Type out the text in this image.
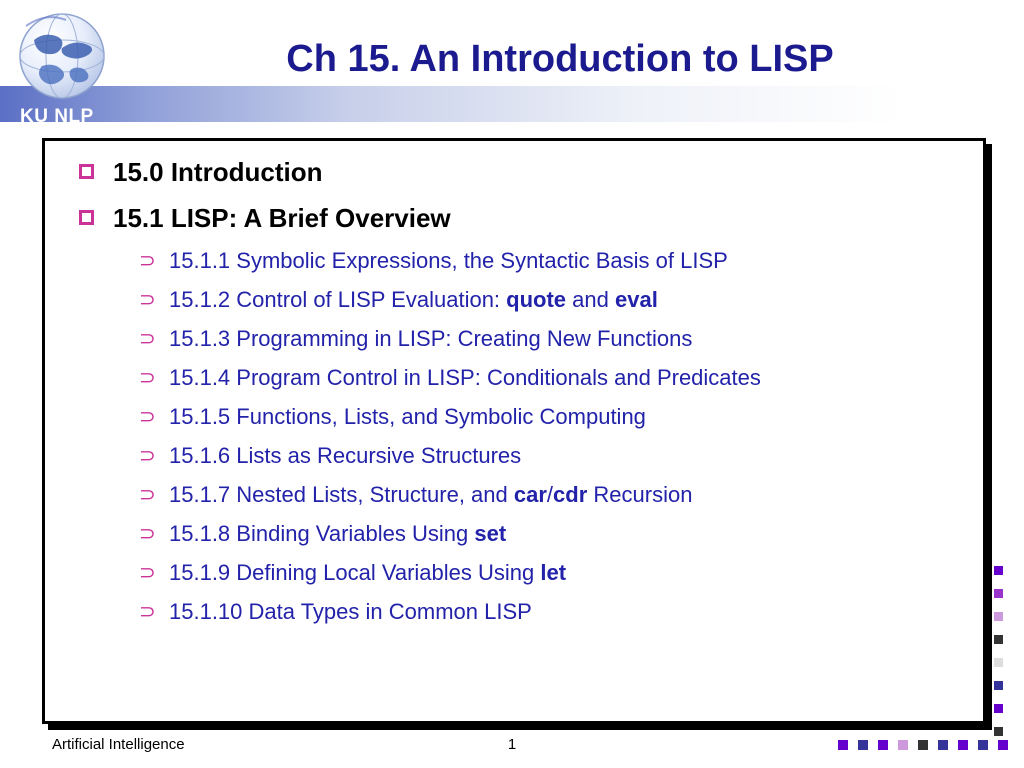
KU NLP
Ch 15. An Introduction to LISP
15.0 Introduction
15.1 LISP: A Brief Overview
⊃ 15.1.1 Symbolic Expressions, the Syntactic Basis of LISP
⊃ 15.1.2 Control of LISP Evaluation: quote and eval
⊃ 15.1.3 Programming in LISP: Creating New Functions
⊃ 15.1.4 Program Control in LISP: Conditionals and Predicates
⊃ 15.1.5 Functions, Lists, and Symbolic Computing
⊃ 15.1.6 Lists as Recursive Structures
⊃ 15.1.7 Nested Lists, Structure, and car/cdr Recursion
⊃ 15.1.8 Binding Variables Using set
⊃ 15.1.9 Defining Local Variables Using let
⊃ 15.1.10 Data Types in Common LISP
Artificial Intelligence	1
